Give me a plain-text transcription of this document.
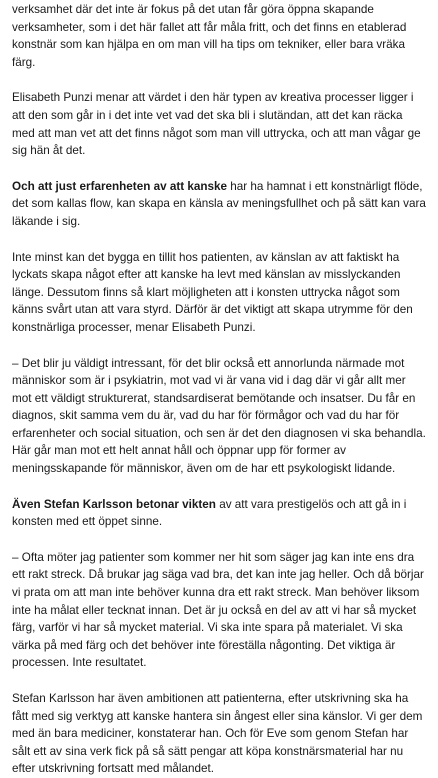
verksamhet där det inte är fokus på det utan får göra öppna skapande verksamheter, som i det här fallet att får måla fritt, och det finns en etablerad konstnär som kan hjälpa en om man vill ha tips om tekniker, eller bara vräka färg.

Elisabeth Punzi menar att värdet i den här typen av kreativa processer ligger i att den som går in i det inte vet vad det ska bli i slutändan, att det kan räcka med att man vet att det finns något som man vill uttrycka, och att man vågar ge sig hän åt det.

Och att just erfarenheten av att kanske har ha hamnat i ett konstnärligt flöde, det som kallas flow, kan skapa en känsla av meningsfullhet och på sätt kan vara läkande i sig.

Inte minst kan det bygga en tillit hos patienten, av känslan av att faktiskt ha lyckats skapa något efter att kanske ha levt med känslan av misslyckanden länge. Dessutom finns så klart möjligheten att i konsten uttrycka något som känns svårt utan att vara styrd. Därför är det viktigt att skapa utrymme för den konstnärliga processer, menar Elisabeth Punzi.

– Det blir ju väldigt intressant, för det blir också ett annorlunda närmade mot människor som är i psykiatrin, mot vad vi är vana vid i dag där vi går allt mer mot ett väldigt strukturerat, standsardiserat bemötande och insatser. Du får en diagnos, skit samma vem du är, vad du har för förmågor och vad du har för erfarenheter och social situation, och sen är det den diagnosen vi ska behandla. Här går man mot ett helt annat håll och öppnar upp för former av meningsskapande för människor, även om de har ett psykologiskt lidande.

Även Stefan Karlsson betonar vikten av att vara prestigelös och att gå in i konsten med ett öppet sinne.

– Ofta möter jag patienter som kommer ner hit som säger jag kan inte ens dra ett rakt streck. Då brukar jag säga vad bra, det kan inte jag heller. Och då börjar vi prata om att man inte behöver kunna dra ett rakt streck. Man behöver liksom inte ha målat eller tecknat innan. Det är ju också en del av att vi har så mycket färg, varför vi har så mycket material. Vi ska inte spara på materialet. Vi ska värka på med färg och det behöver inte föreställa någonting. Det viktiga är processen. Inte resultatet.

Stefan Karlsson har även ambitionen att patienterna, efter utskrivning ska ha fått med sig verktyg att kanske hantera sin ångest eller sina känslor. Vi ger dem med än bara mediciner, konstaterar han. Och för Eve som genom Stefan har sålt ett av sina verk fick på så sätt pengar att köpa konstnärsmaterial har nu efter utskrivning fortsatt med målandet.
